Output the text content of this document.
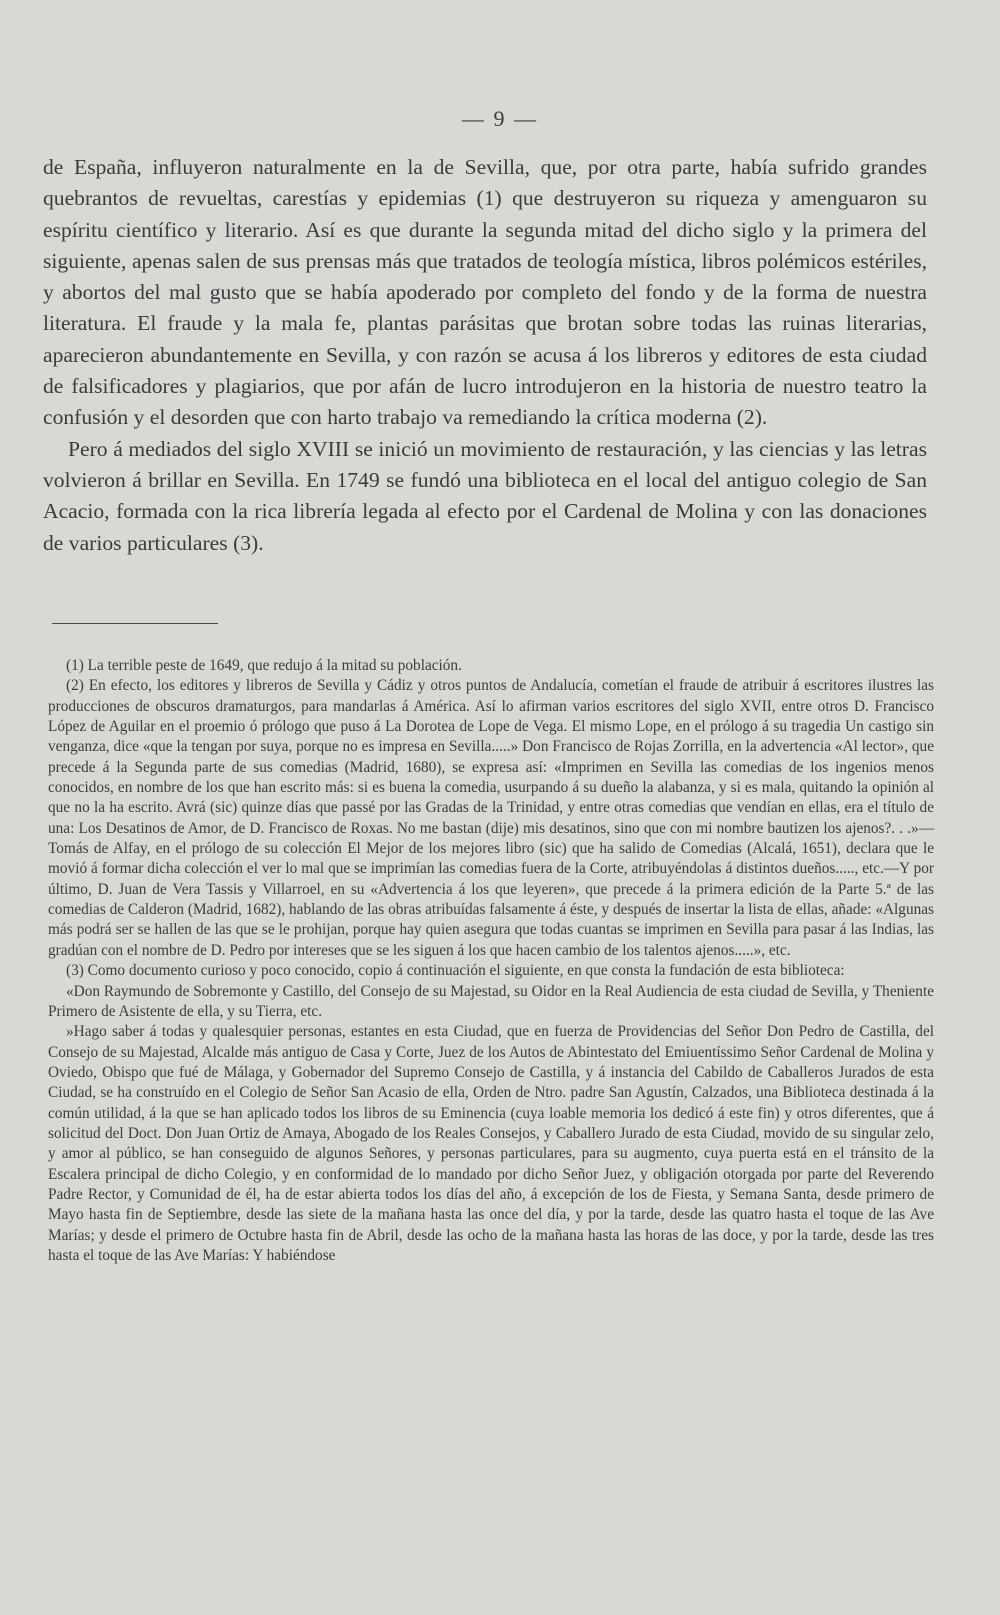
— 9 —

de España, influyeron naturalmente en la de Sevilla, que, por otra parte, había sufrido grandes quebrantos de revueltas, carestías y epidemias (1) que destruyeron su riqueza y amenguaron su espíritu científico y literario. Así es que durante la segunda mitad del dicho siglo y la primera del siguiente, apenas salen de sus prensas más que tratados de teología mística, libros polémicos estériles, y abortos del mal gusto que se había apoderado por completo del fondo y de la forma de nuestra literatura. El fraude y la mala fe, plantas parásitas que brotan sobre todas las ruinas literarias, aparecieron abundantemente en Sevilla, y con razón se acusa á los libreros y editores de esta ciudad de falsificadores y plagiarios, que por afán de lucro introdujeron en la historia de nuestro teatro la confusión y el desorden que con harto trabajo va remediando la crítica moderna (2).

Pero á mediados del siglo XVIII se inició un movimiento de restauración, y las ciencias y las letras volvieron á brillar en Sevilla. En 1749 se fundó una biblioteca en el local del antiguo colegio de San Acacio, formada con la rica librería legada al efecto por el Cardenal de Molina y con las donaciones de varios particulares (3).

(1) La terrible peste de 1649, que redujo á la mitad su población.

(2) En efecto, los editores y libreros de Sevilla y Cádiz y otros puntos de Andalucía, cometían el fraude de atribuir á escritores ilustres las producciones de obscuros dramaturgos, para mandarlas á América. Así lo afirman varios escritores del siglo XVII, entre otros D. Francisco López de Aguilar en el proemio ó prólogo que puso á La Dorotea de Lope de Vega. El mismo Lope, en el prólogo á su tragedia Un castigo sin venganza, dice «que la tengan por suya, porque no es impresa en Sevilla.....» Don Francisco de Rojas Zorrilla, en la advertencia «Al lector», que precede á la Segunda parte de sus comedias (Madrid, 1680), se expresa así: «Imprimen en Sevilla las comedias de los ingenios menos conocidos, en nombre de los que han escrito más: si es buena la comedia, usurpando á su dueño la alabanza, y si es mala, quitando la opinión al que no la ha escrito. Avrá (sic) quinze días que passé por las Gradas de la Trinidad, y entre otras comedias que vendían en ellas, era el título de una: Los Desatinos de Amor, de D. Francisco de Roxas. No me bastan (dije) mis desatinos, sino que con mi nombre bautizen los ajenos?. . .»—Tomás de Alfay, en el prólogo de su colección El Mejor de los mejores libro (sic) que ha salido de Comedias (Alcalá, 1651), declara que le movió á formar dicha colección el ver lo mal que se imprimían las comedias fuera de la Corte, atribuyéndolas á distintos dueños....., etc.—Y por último, D. Juan de Vera Tassis y Villarroel, en su «Advertencia á los que leyeren», que precede á la primera edición de la Parte 5.ª de las comedias de Calderon (Madrid, 1682), hablando de las obras atribuídas falsamente á éste, y después de insertar la lista de ellas, añade: «Algunas más podrá ser se hallen de las que se le prohijan, porque hay quien asegura que todas cuantas se imprimen en Sevilla para pasar á las Indias, las gradúan con el nombre de D. Pedro por intereses que se les siguen á los que hacen cambio de los talentos ajenos.....», etc.

(3) Como documento curioso y poco conocido, copio á continuación el siguiente, en que consta la fundación de esta biblioteca:

«Don Raymundo de Sobremonte y Castillo, del Consejo de su Majestad, su Oidor en la Real Audiencia de esta ciudad de Sevilla, y Theniente Primero de Asistente de ella, y su Tierra, etc.

»Hago saber á todas y qualesquier personas, estantes en esta Ciudad, que en fuerza de Providencias del Señor Don Pedro de Castilla, del Consejo de su Majestad, Alcalde más antiguo de Casa y Corte, Juez de los Autos de Abintestato del Emiuentíssimo Señor Cardenal de Molina y Oviedo, Obispo que fué de Málaga, y Gobernador del Supremo Consejo de Castilla, y á instancia del Cabildo de Caballeros Jurados de esta Ciudad, se ha construído en el Colegio de Señor San Acasio de ella, Orden de Ntro. padre San Agustín, Calzados, una Biblioteca destinada á la común utilidad, á la que se han aplicado todos los libros de su Eminencia (cuya loable memoria los dedicó á este fin) y otros diferentes, que á solicitud del Doct. Don Juan Ortiz de Amaya, Abogado de los Reales Consejos, y Caballero Jurado de esta Ciudad, movido de su singular zelo, y amor al público, se han conseguido de algunos Señores, y personas particulares, para su augmento, cuya puerta está en el tránsito de la Escalera principal de dicho Colegio, y en conformidad de lo mandado por dicho Señor Juez, y obligación otorgada por parte del Reverendo Padre Rector, y Comunidad de él, ha de estar abierta todos los días del año, á excepción de los de Fiesta, y Semana Santa, desde primero de Mayo hasta fin de Septiembre, desde las siete de la mañana hasta las once del día, y por la tarde, desde las quatro hasta el toque de las Ave Marías; y desde el primero de Octubre hasta fin de Abril, desde las ocho de la mañana hasta las horas de las doce, y por la tarde, desde las tres hasta el toque de las Ave Marías: Y habiéndose
